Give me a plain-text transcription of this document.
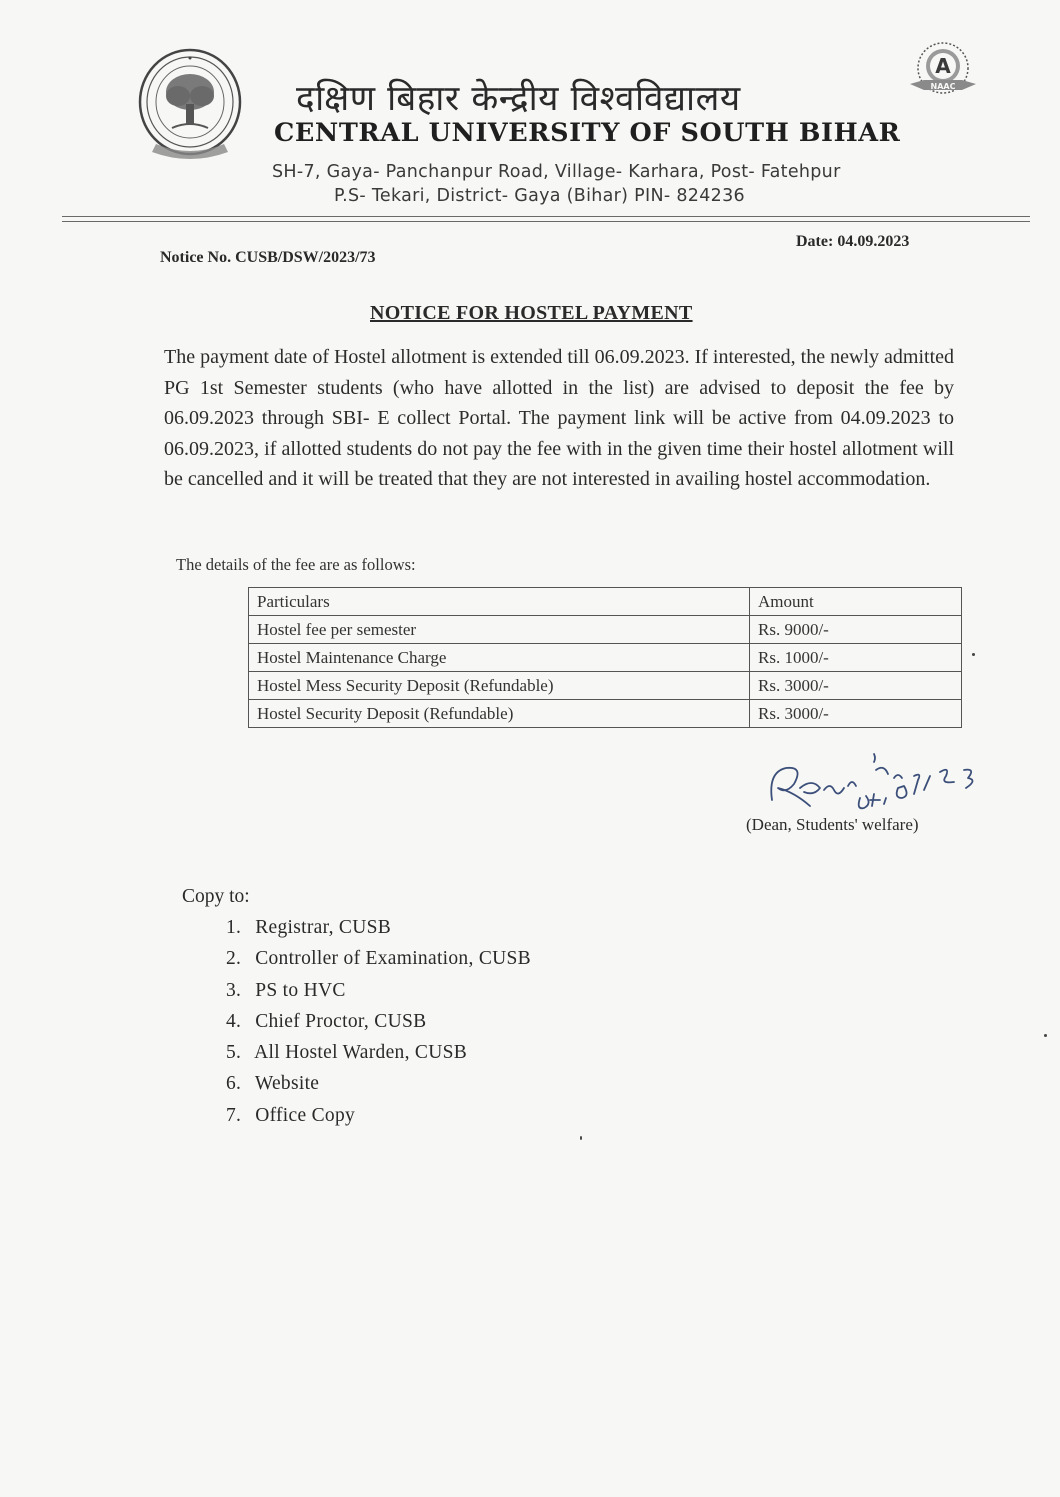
A
NAAC
दक्षिण बिहार केन्द्रीय विश्वविद्यालय
CENTRAL UNIVERSITY OF SOUTH BIHAR
SH-7, Gaya- Panchanpur Road, Village- Karhara, Post- Fatehpur
P.S- Tekari, District- Gaya (Bihar) PIN- 824236
Notice No. CUSB/DSW/2023/73
Date: 04.09.2023
NOTICE FOR HOSTEL PAYMENT
The payment date of Hostel allotment is extended till 06.09.2023. If interested, the newly admitted PG 1st Semester students (who have allotted in the list) are advised to deposit the fee by 06.09.2023 through SBI- E collect Portal. The payment link will be active from 04.09.2023 to 06.09.2023, if allotted students do not pay the fee with in the given time their hostel allotment will be cancelled and it will be treated that they are not interested in availing hostel accommodation.
The details of the fee are as follows:
Particulars	Amount
Hostel fee per semester	Rs. 9000/-
Hostel Maintenance Charge	Rs. 1000/-
Hostel Mess Security Deposit (Refundable)	Rs. 3000/-
Hostel Security Deposit (Refundable)	Rs. 3000/-
(Dean, Students' welfare)
Copy to:
1. Registrar, CUSB
2. Controller of Examination, CUSB
3. PS to HVC
4. Chief Proctor, CUSB
5. All Hostel Warden, CUSB
6. Website
7. Office Copy
